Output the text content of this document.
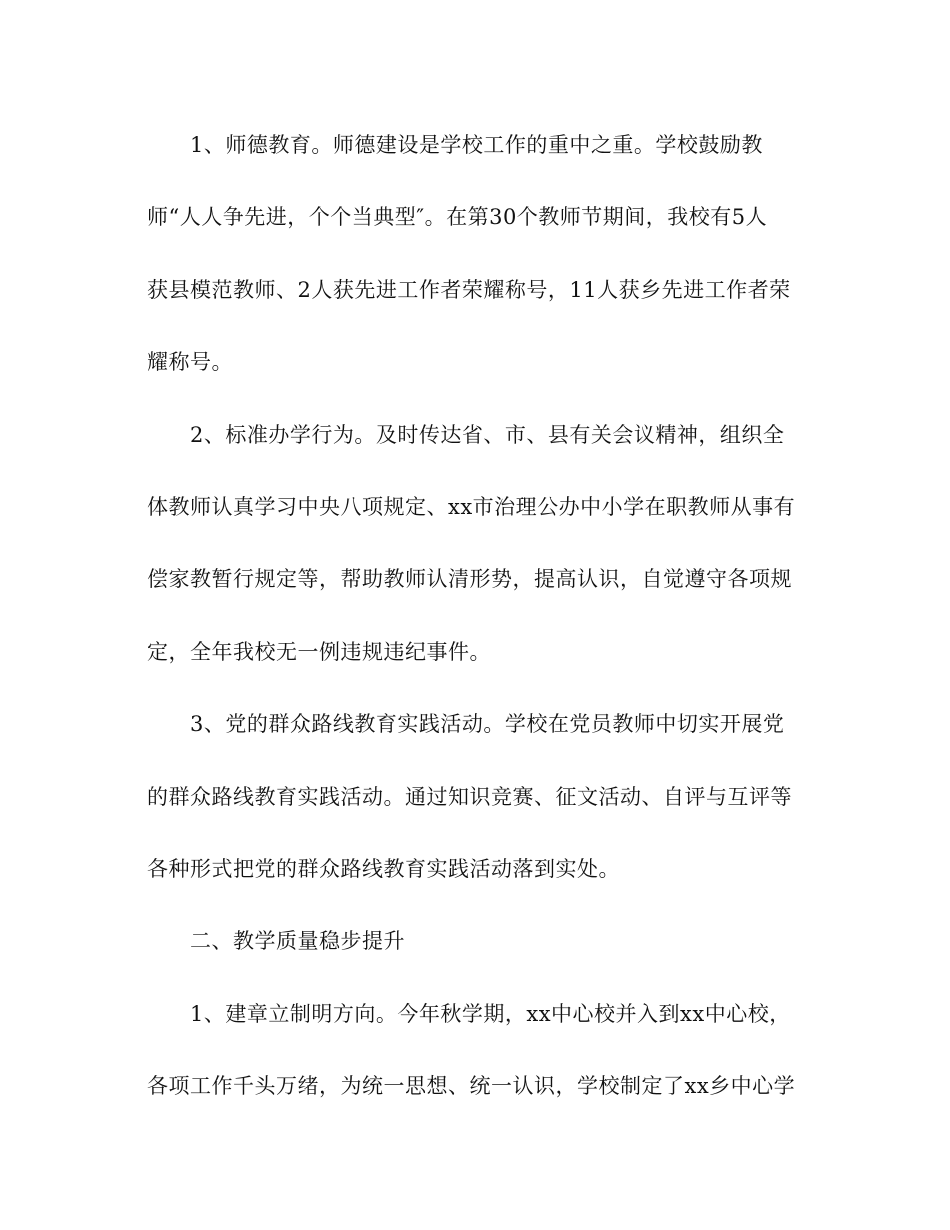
1、师德教育。师德建设是学校工作的重中之重。学校鼓励教
师“人人争先进，个个当典型″。在第30个教师节期间，我校有5人
获县模范教师、2人获先进工作者荣耀称号，11人获乡先进工作者荣
耀称号。
2、标准办学行为。及时传达省、市、县有关会议精神，组织全
体教师认真学习中央八项规定、xx市治理公办中小学在职教师从事有
偿家教暂行规定等，帮助教师认清形势，提高认识，自觉遵守各项规
定，全年我校无一例违规违纪事件。
3、党的群众路线教育实践活动。学校在党员教师中切实开展党
的群众路线教育实践活动。通过知识竞赛、征文活动、自评与互评等
各种形式把党的群众路线教育实践活动落到实处。
二、教学质量稳步提升
1、建章立制明方向。今年秋学期，xx中心校并入到xx中心校，
各项工作千头万绪，为统一思想、统一认识，学校制定了xx乡中心学
